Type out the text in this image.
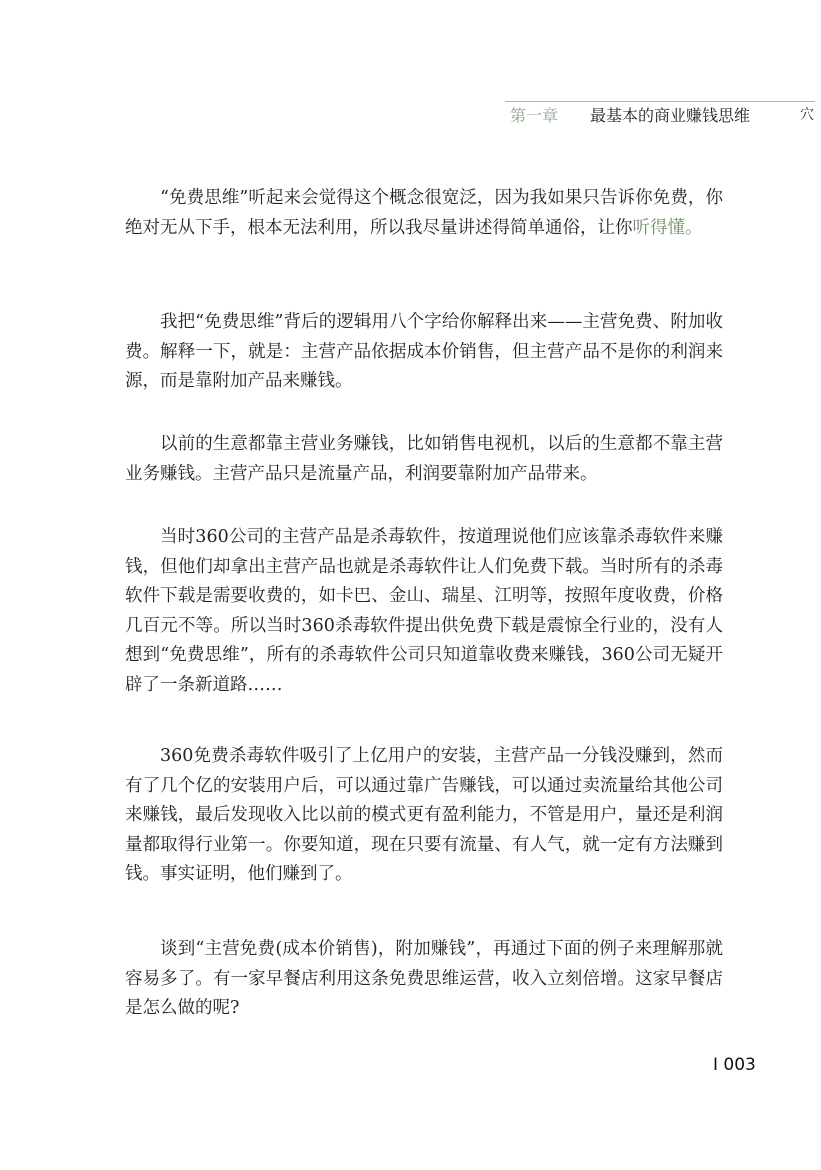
第一章 最基本的商业赚钱思维	穴

“免费思维”听起来会觉得这个概念很宽泛，因为我如果只告诉你免费，你绝对无从下手，根本无法利用，所以我尽量讲述得简单通俗，让你听得懂。

我把“免费思维”背后的逻辑用八个字给你解释出来——主营免费、附加收费。解释一下，就是：主营产品依据成本价销售，但主营产品不是你的利润来源，而是靠附加产品来赚钱。

以前的生意都靠主营业务赚钱，比如销售电视机，以后的生意都不靠主营业务赚钱。主营产品只是流量产品，利润要靠附加产品带来。

当时360公司的主营产品是杀毒软件，按道理说他们应该靠杀毒软件来赚钱，但他们却拿出主营产品也就是杀毒软件让人们免费下载。当时所有的杀毒软件下载是需要收费的，如卡巴、金山、瑞星、江明等，按照年度收费，价格几百元不等。所以当时360杀毒软件提出供免费下载是震惊全行业的，没有人想到“免费思维”，所有的杀毒软件公司只知道靠收费来赚钱，360公司无疑开辟了一条新道路……

360免费杀毒软件吸引了上亿用户的安装，主营产品一分钱没赚到，然而有了几个亿的安装用户后，可以通过靠广告赚钱，可以通过卖流量给其他公司来赚钱，最后发现收入比以前的模式更有盈利能力，不管是用户，量还是利润量都取得行业第一。你要知道，现在只要有流量、有人气，就一定有方法赚到钱。事实证明，他们赚到了。

谈到“主营免费(成本价销售)，附加赚钱”，再通过下面的例子来理解那就容易多了。有一家早餐店利用这条免费思维运营，收入立刻倍增。这家早餐店是怎么做的呢?

I 003
